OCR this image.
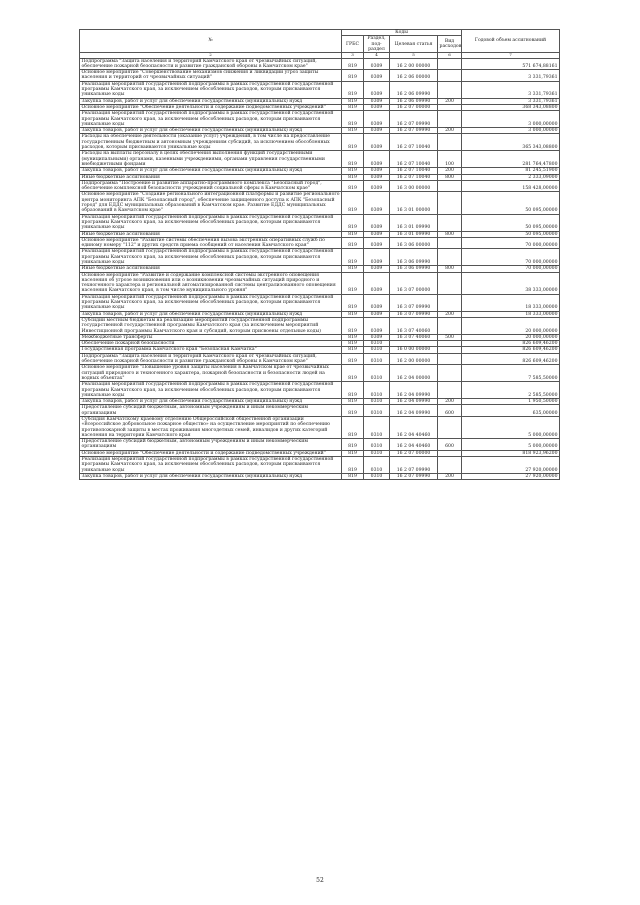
№	Коды				Годовой объем ассигнований
	ГРБС	Раздел, под-раздел	Целевая статья	Вид расходов	
2	3	4	5	6	7
Подпрограмма "Защита населения и территорий Камчатского края от чрезвычайных ситуаций, обеспечение пожарной безопасности и развитие гражданской обороны в Камчатском крае"	819	0309	16 2 00 00000		571 674,88161
Основное мероприятие "Совершенствование механизмов снижения и ликвидации угроз защиты населения и территорий от чрезвычайных ситуаций"	819	0309	16 2 06 00000		3 331,79361
Реализация мероприятий государственной подпрограммы в рамках государственной государственной программы Камчатского края, за исключением обособленных расходов, которым присваиваются уникальные коды	819	0309	16 2 06 09990		3 331,79361
Закупка товаров, работ и услуг для обеспечения государственных (муниципальных) нужд	819	0309	16 2 06 09990	200	3 331,79361
Основное мероприятие "Обеспечение деятельности и содержание подведомственных учреждений"	819	0309	16 2 07 00000		368 343,08800
Реализация мероприятий государственной подпрограммы в рамках государственной государственной программы Камчатского края, за исключением обособленных расходов, которым присваиваются уникальные коды	819	0309	16 2 07 09990		3 000,00000
Закупка товаров, работ и услуг для обеспечения государственных (муниципальных) нужд	819	0309	16 2 07 09990	200	3 000,00000
Расходы на обеспечение деятельности (оказание услуг) учреждений, в том числе на предоставление государственным бюджетным и автономным учреждениям субсидий, за исключением обособленных расходов, которым присваиваются уникальные коды	819	0309	16 2 07 10040		365 343,08800
Расходы на выплаты персоналу в целях обеспечения выполнения функций государственными (муниципальными) органами, казенными учреждениями, органами управления государственными внебюджетными фондами	819	0309	16 2 07 10040	100	281 764,47800
Закупка товаров, работ и услуг для обеспечения государственных (муниципальных) нужд	819	0309	16 2 07 10040	200	81 245,51900
Иные бюджетные ассигнования	819	0309	16 2 07 10040	800	2 333,09000
Подпрограмма "Построение и развитие аппаратно-программного комплекса "Безопасный город", обеспечение комплексной безопасности учреждений социальной сферы в Камчатском крае"	819	0309	16 3 00 00000		158 428,00000
Основное мероприятие "Создание регионального интеграционной платформы и развитие регионального центра мониторинга АПК "Безопасный город", обеспечение защищенного доступа к АПК "Безопасный город" для ЕДДС муниципальных образований в Камчатском крае. Развитие ЕДДС муниципальных образований в Камчатском крае"	819	0309	16 3 01 00000		50 095,00000
Реализация мероприятий государственной подпрограммы в рамках государственной государственной программы Камчатского края, за исключением обособленных расходов, которым присваиваются уникальные коды	819	0309	16 3 01 09990		50 095,00000
Иные бюджетные ассигнования	819	0309	16 3 01 09990	800	50 095,00000
Основное мероприятие "Развитие системы обеспечения вызова экстренных оперативных служб по единому номеру "112" и других средств приема сообщений от населения Камчатского края"	819	0309	16 3 06 00000		70 000,00000
Реализация мероприятий государственной подпрограммы в рамках государственной государственной программы Камчатского края, за исключением обособленных расходов, которым присваиваются уникальные коды	819	0309	16 3 06 09990		70 000,00000
Иные бюджетные ассигнования	819	0309	16 3 06 09990	800	70 000,00000
Основное мероприятие "Развитие и содержание комплексной системы экстренного оповещения населения об угрозе возникновения или о возникновении чрезвычайных ситуаций природного и техногенного характера и региональной автоматизированной системы централизованного оповещения населения Камчатского края, в том числе муниципального уровня"	819	0309	16 3 07 00000		38 333,00000
Реализация мероприятий государственной подпрограммы в рамках государственной государственной программы Камчатского края, за исключением обособленных расходов, которым присваиваются уникальные коды	819	0309	16 3 07 09990		18 333,00000
Закупка товаров, работ и услуг для обеспечения государственных (муниципальных) нужд	819	0309	16 3 07 09990	200	18 333,00000
Субсидии местным бюджетам на реализацию мероприятий государственной подпрограммы государственной государственной программы Камчатского края (за исключением мероприятий Инвестиционной программы Камчатского края и субсидий, которым присвоены отдельные коды)	819	0309	16 3 07 40060		20 000,00000
Межбюджетные трансферты	819	0309	16 3 07 40060	500	20 000,00000
Обеспечение пожарной безопасности	819	0310			826 609,46200
Государственная программа Камчатского края "Безопасная Камчатка"	819	0310	16 0 00 00000		826 609,46200
Подпрограмма "Защита населения и территорий Камчатского края от чрезвычайных ситуаций, обеспечение пожарной безопасности и развитие гражданской обороны в Камчатском крае"	819	0310	16 2 00 00000		826 609,46200
Основное мероприятие "Повышение уровня защиты населения в Камчатском крае от чрезвычайных ситуаций природного и техногенного характера, пожарной безопасности и безопасности людей на водных объектах"	819	0310	16 2 04 00000		7 585,50000
Реализация мероприятий государственной подпрограммы в рамках государственной государственной программы Камчатского края, за исключением обособленных расходов, которым присваиваются уникальные коды	819	0310	16 2 04 09990		2 585,50000
Закупка товаров, работ и услуг для обеспечения государственных (муниципальных) нужд	819	0310	16 2 04 09990	200	1 950,50000
Предоставление субсидий бюджетным, автономным учреждениям и иным некоммерческим организациям	819	0310	16 2 04 09990	600	635,00000
Субсидия Камчатскому краевому отделению Общероссийской общественной организации «Всероссийское добровольное пожарное общество» на осуществление мероприятий по обеспечению противопожарной защиты в местах проживания многодетных семей, инвалидов и других категорий населения на территории Камчатского края	819	0310	16 2 04 40460		5 000,00000
Предоставление субсидий бюджетным, автономным учреждениям и иным некоммерческим организациям	819	0310	16 2 04 40460	600	5 000,00000
Основное мероприятие "Обеспечение деятельности и содержание подведомственных учреждений"	819	0310	16 2 07 00000		818 923,96200
Реализация мероприятий государственной подпрограммы в рамках государственной государственной программы Камчатского края, за исключением обособленных расходов, которым присваиваются уникальные коды	819	0310	16 2 07 09990		27 920,00000
Закупка товаров, работ и услуг для обеспечения государственных (муниципальных) нужд	819	0310	16 2 07 09990	200	27 920,00000
52
